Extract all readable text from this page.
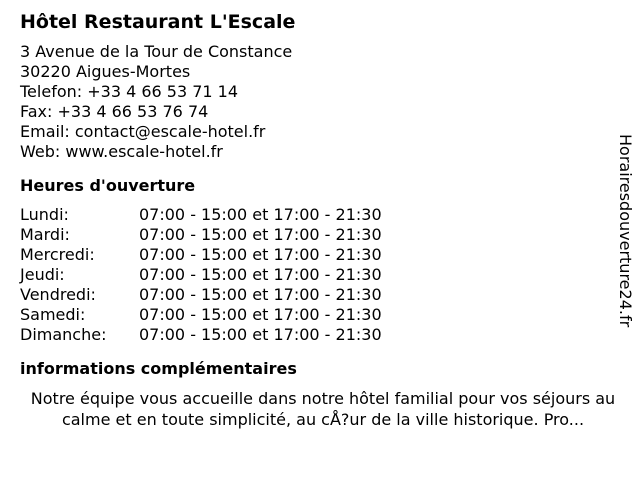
Hôtel Restaurant L'Escale
3 Avenue de la Tour de Constance
30220 Aigues-Mortes
Telefon: +33 4 66 53 71 14
Fax: +33 4 66 53 76 74
Email: contact@escale-hotel.fr
Web: www.escale-hotel.fr
Heures d'ouverture
Lundi:	07:00 - 15:00 et 17:00 - 21:30
Mardi:	07:00 - 15:00 et 17:00 - 21:30
Mercredi:	07:00 - 15:00 et 17:00 - 21:30
Jeudi:	07:00 - 15:00 et 17:00 - 21:30
Vendredi:	07:00 - 15:00 et 17:00 - 21:30
Samedi:	07:00 - 15:00 et 17:00 - 21:30
Dimanche:	07:00 - 15:00 et 17:00 - 21:30
informations complémentaires
Notre équipe vous accueille dans notre hôtel familial pour vos séjours au calme et en toute simplicité, au cÅ?ur de la ville historique. Pro...
Horairesdouverture24.fr
